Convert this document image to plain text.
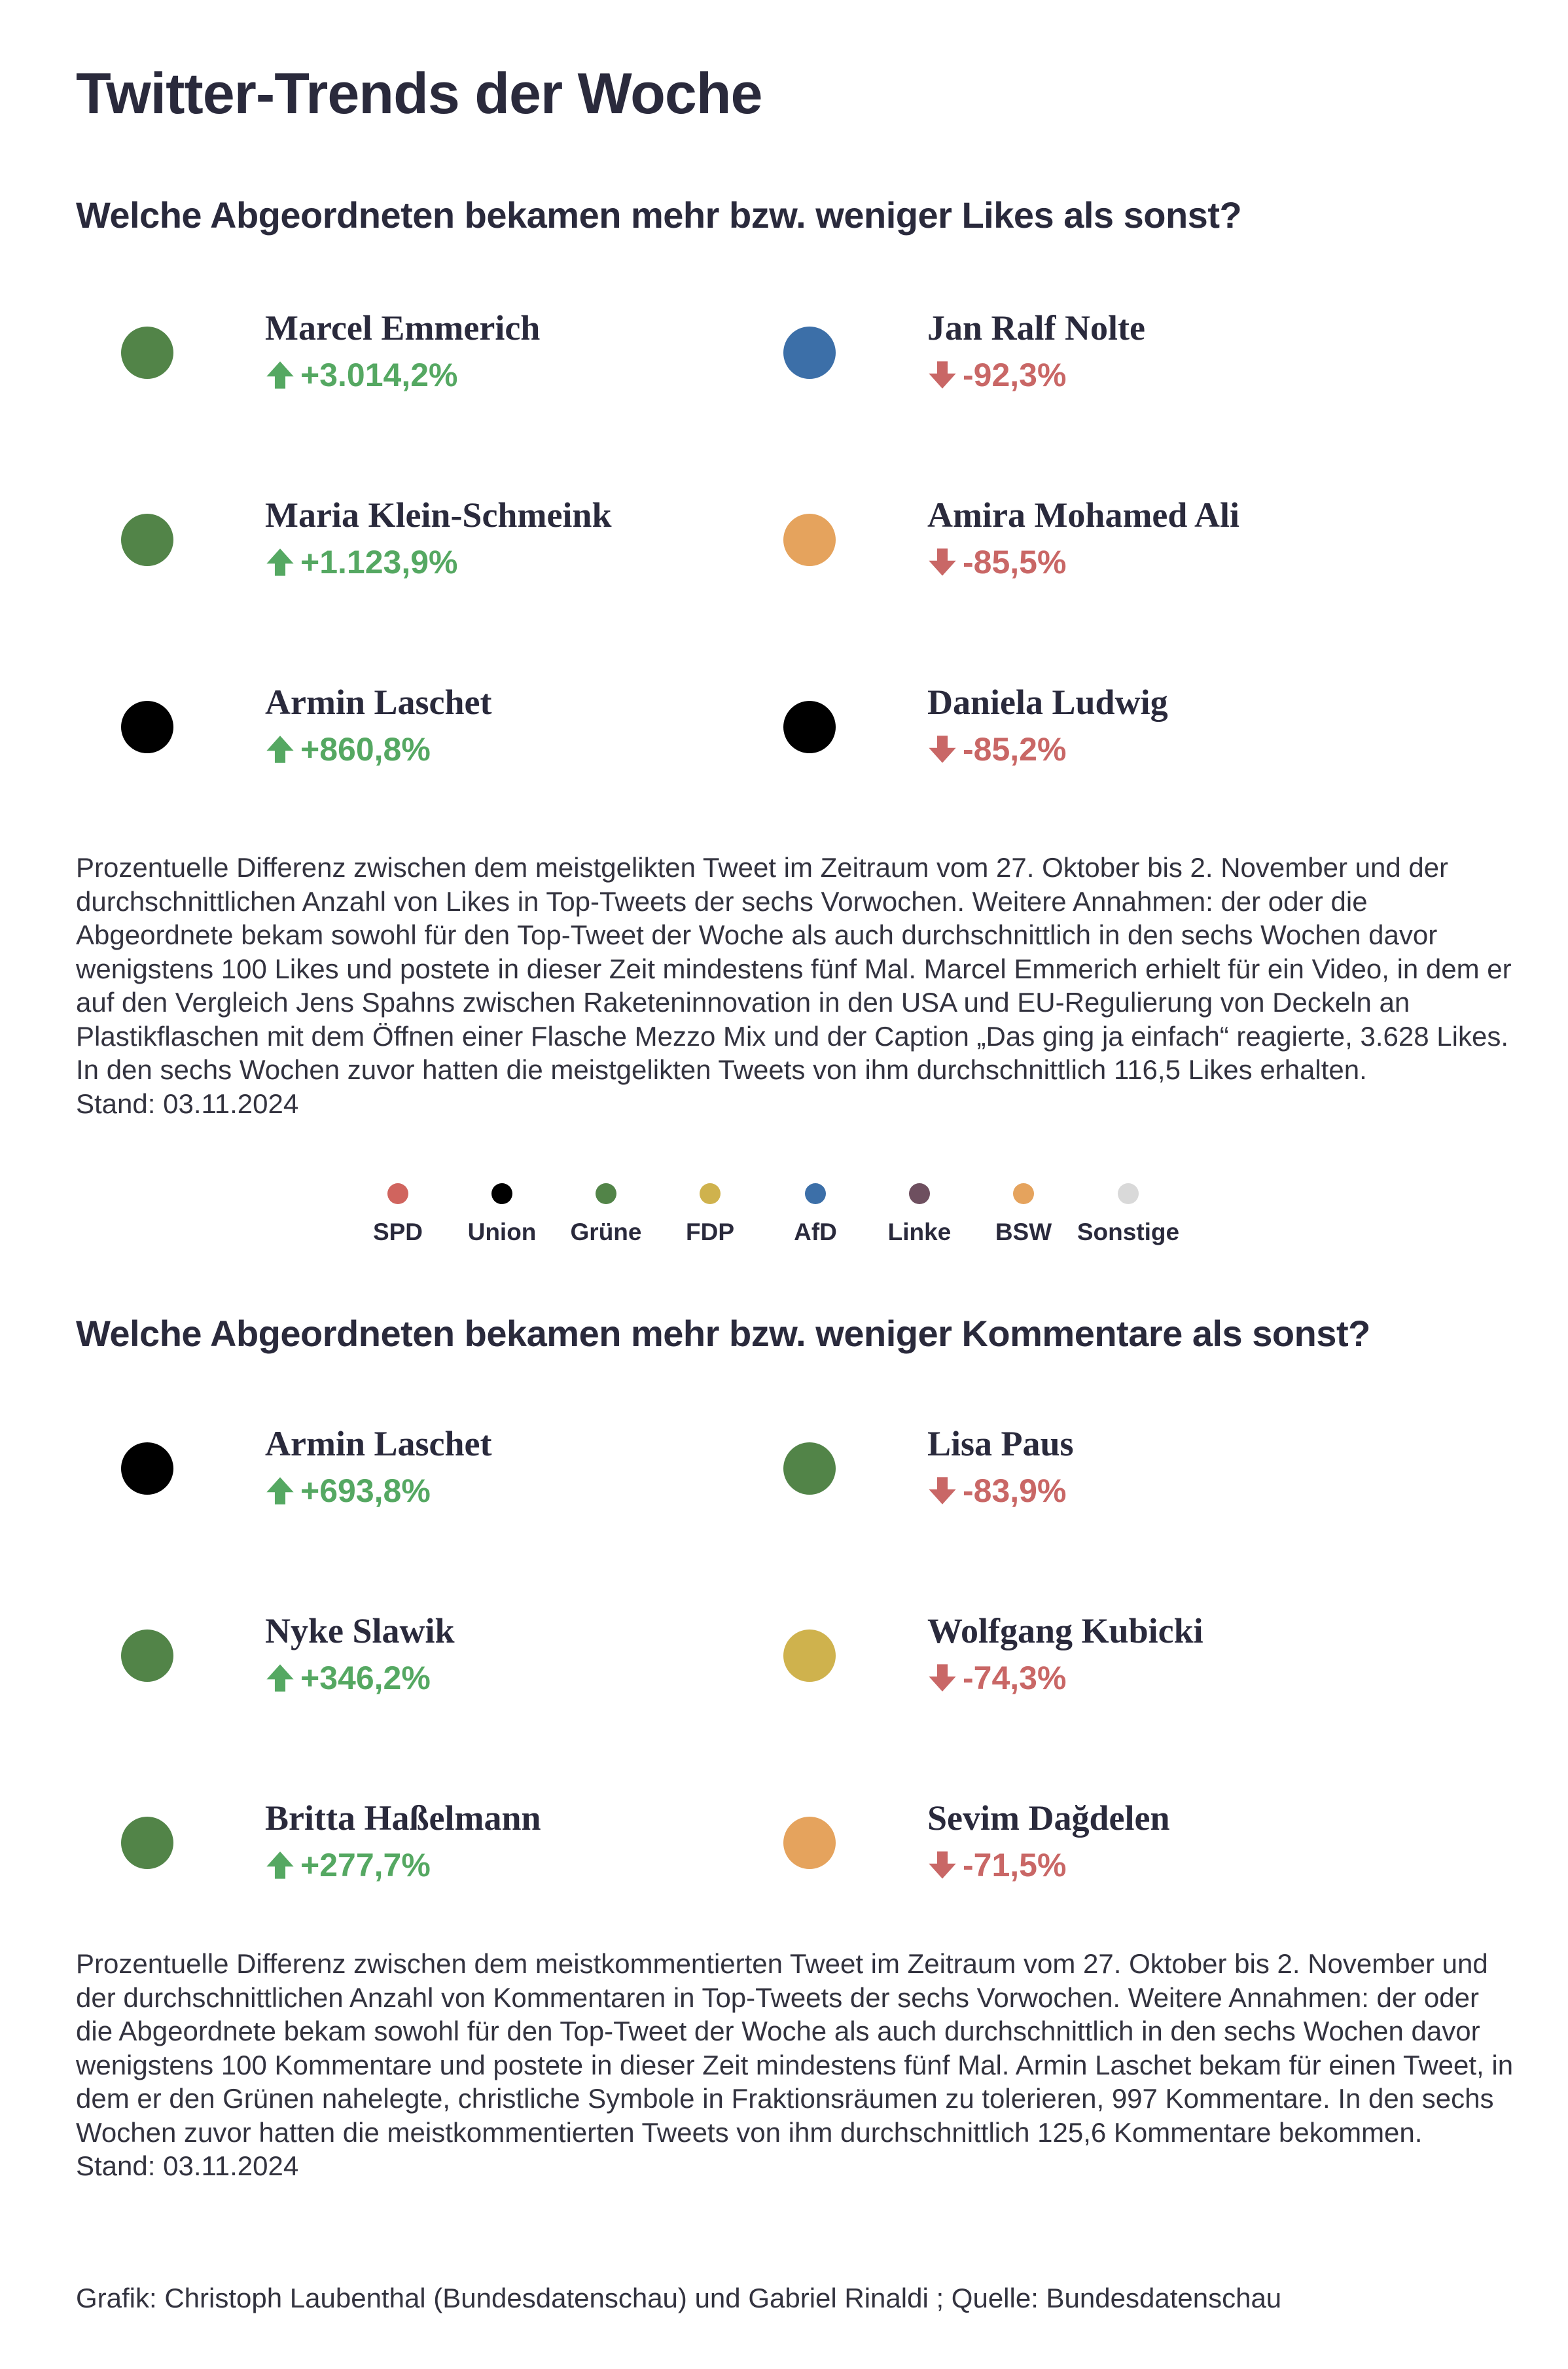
Twitter-Trends der Woche
Welche Abgeordneten bekamen mehr bzw. weniger Likes als sonst?
Marcel Emmerich
+3.014,2%
Maria Klein-Schmeink
+1.123,9%
Armin Laschet
+860,8%
Jan Ralf Nolte
-92,3%
Amira Mohamed Ali
-85,5%
Daniela Ludwig
-85,2%
Prozentuelle Differenz zwischen dem meistgelikten Tweet im Zeitraum vom 27. Oktober bis 2. November und der durchschnittlichen Anzahl von Likes in Top-Tweets der sechs Vorwochen. Weitere Annahmen: der oder die Abgeordnete bekam sowohl für den Top-Tweet der Woche als auch durchschnittlich in den sechs Wochen davor wenigstens 100 Likes und postete in dieser Zeit mindestens fünf Mal. Marcel Emmerich erhielt für ein Video, in dem er auf den Vergleich Jens Spahns zwischen Raketeninnovation in den USA und EU-Regulierung von Deckeln an Plastikflaschen mit dem Öffnen einer Flasche Mezzo Mix und der Caption „Das ging ja einfach“ reagierte, 3.628 Likes. In den sechs Wochen zuvor hatten die meistgelikten Tweets von ihm durchschnittlich 116,5 Likes erhalten.
Stand: 03.11.2024
SPD	Union	Grüne	FDP	AfD	Linke	BSW	Sonstige
Welche Abgeordneten bekamen mehr bzw. weniger Kommentare als sonst?
Armin Laschet
+693,8%
Nyke Slawik
+346,2%
Britta Haßelmann
+277,7%
Lisa Paus
-83,9%
Wolfgang Kubicki
-74,3%
Sevim Dağdelen
-71,5%
Prozentuelle Differenz zwischen dem meistkommentierten Tweet im Zeitraum vom 27. Oktober bis 2. November und der durchschnittlichen Anzahl von Kommentaren in Top-Tweets der sechs Vorwochen. Weitere Annahmen: der oder die Abgeordnete bekam sowohl für den Top-Tweet der Woche als auch durchschnittlich in den sechs Wochen davor wenigstens 100 Kommentare und postete in dieser Zeit mindestens fünf Mal. Armin Laschet bekam für einen Tweet, in dem er den Grünen nahelegte, christliche Symbole in Fraktionsräumen zu tolerieren, 997 Kommentare. In den sechs Wochen zuvor hatten die meistkommentierten Tweets von ihm durchschnittlich 125,6 Kommentare bekommen.
Stand: 03.11.2024
Grafik: Christoph Laubenthal (Bundesdatenschau) und Gabriel Rinaldi ; Quelle: Bundesdatenschau
